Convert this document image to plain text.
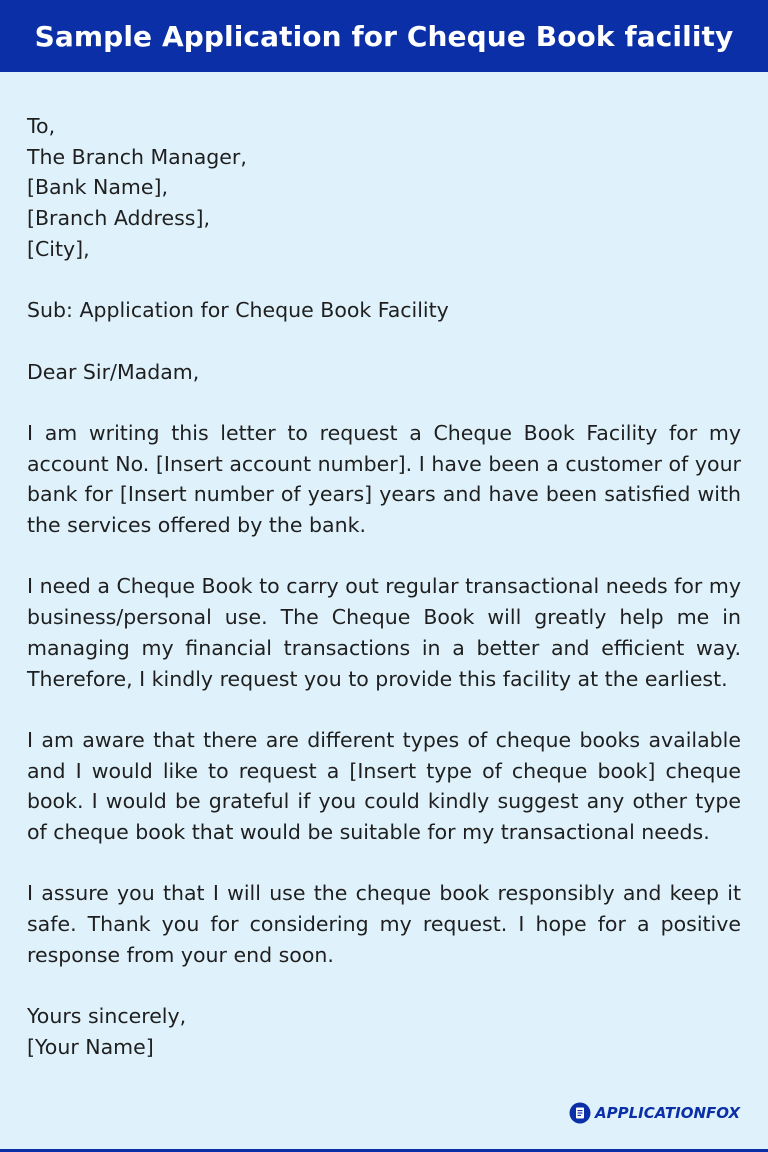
Sample Application for Cheque Book facility

To,

The Branch Manager,

[Bank Name],

[Branch Address],

[City],

Sub: Application for Cheque Book Facility

Dear Sir/Madam,

I am writing this letter to request a Cheque Book Facility for my account No. [Insert account number]. I have been a customer of your bank for [Insert number of years] years and have been satisfied with the services offered by the bank.

I need a Cheque Book to carry out regular transactional needs for my business/personal use. The Cheque Book will greatly help me in managing my financial transactions in a better and efficient way. Therefore, I kindly request you to provide this facility at the earliest.

I am aware that there are different types of cheque books available and I would like to request a [Insert type of cheque book] cheque book. I would be grateful if you could kindly suggest any other type of cheque book that would be suitable for my transactional needs.

I assure you that I will use the cheque book responsibly and keep it safe. Thank you for considering my request. I hope for a positive response from your end soon.

Yours sincerely,

[Your Name]

APPLICATIONFOX
